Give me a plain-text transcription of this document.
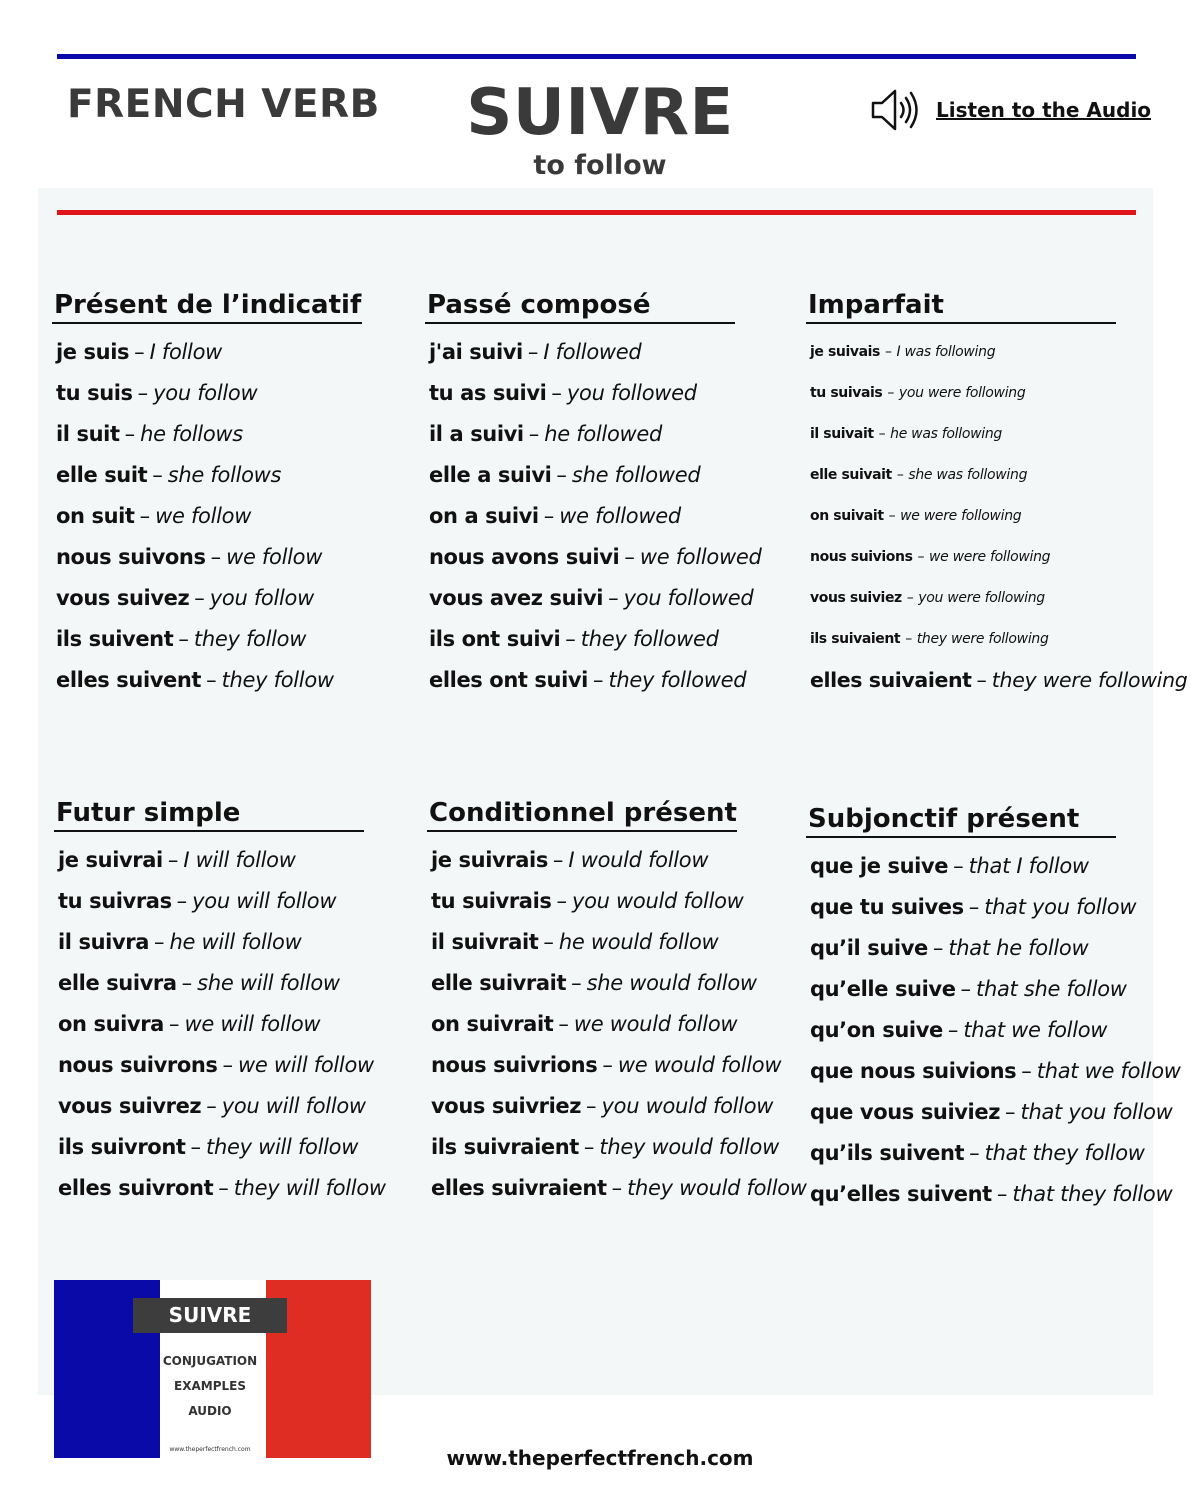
FRENCH VERB	SUIVRE
to follow
Listen to the Audio
Présent de l’indicatif
je suis – I follow
tu suis – you follow
il suit – he follows
elle suit – she follows
on suit – we follow
nous suivons – we follow
vous suivez – you follow
ils suivent – they follow
elles suivent – they follow
Passé composé
j'ai suivi – I followed
tu as suivi – you followed
il a suivi – he followed
elle a suivi – she followed
on a suivi – we followed
nous avons suivi – we followed
vous avez suivi – you followed
ils ont suivi – they followed
elles ont suivi – they followed
Imparfait
je suivais – I was following
tu suivais – you were following
il suivait – he was following
elle suivait – she was following
on suivait – we were following
nous suivions – we were following
vous suiviez – you were following
ils suivaient – they were following
elles suivaient – they were following
Futur simple
je suivrai – I will follow
tu suivras – you will follow
il suivra – he will follow
elle suivra – she will follow
on suivra – we will follow
nous suivrons – we will follow
vous suivrez – you will follow
ils suivront – they will follow
elles suivront – they will follow
Conditionnel présent
je suivrais – I would follow
tu suivrais – you would follow
il suivrait – he would follow
elle suivrait – she would follow
on suivrait – we would follow
nous suivrions – we would follow
vous suivriez – you would follow
ils suivraient – they would follow
elles suivraient – they would follow
Subjonctif présent
que je suive – that I follow
que tu suives – that you follow
qu’il suive – that he follow
qu’elle suive – that she follow
qu’on suive – that we follow
que nous suivions – that we follow
que vous suiviez – that you follow
qu’ils suivent – that they follow
qu’elles suivent – that they follow
SUIVRE
CONJUGATION
EXAMPLES
AUDIO
www.theperfectfrench.com	www.theperfectfrench.com
